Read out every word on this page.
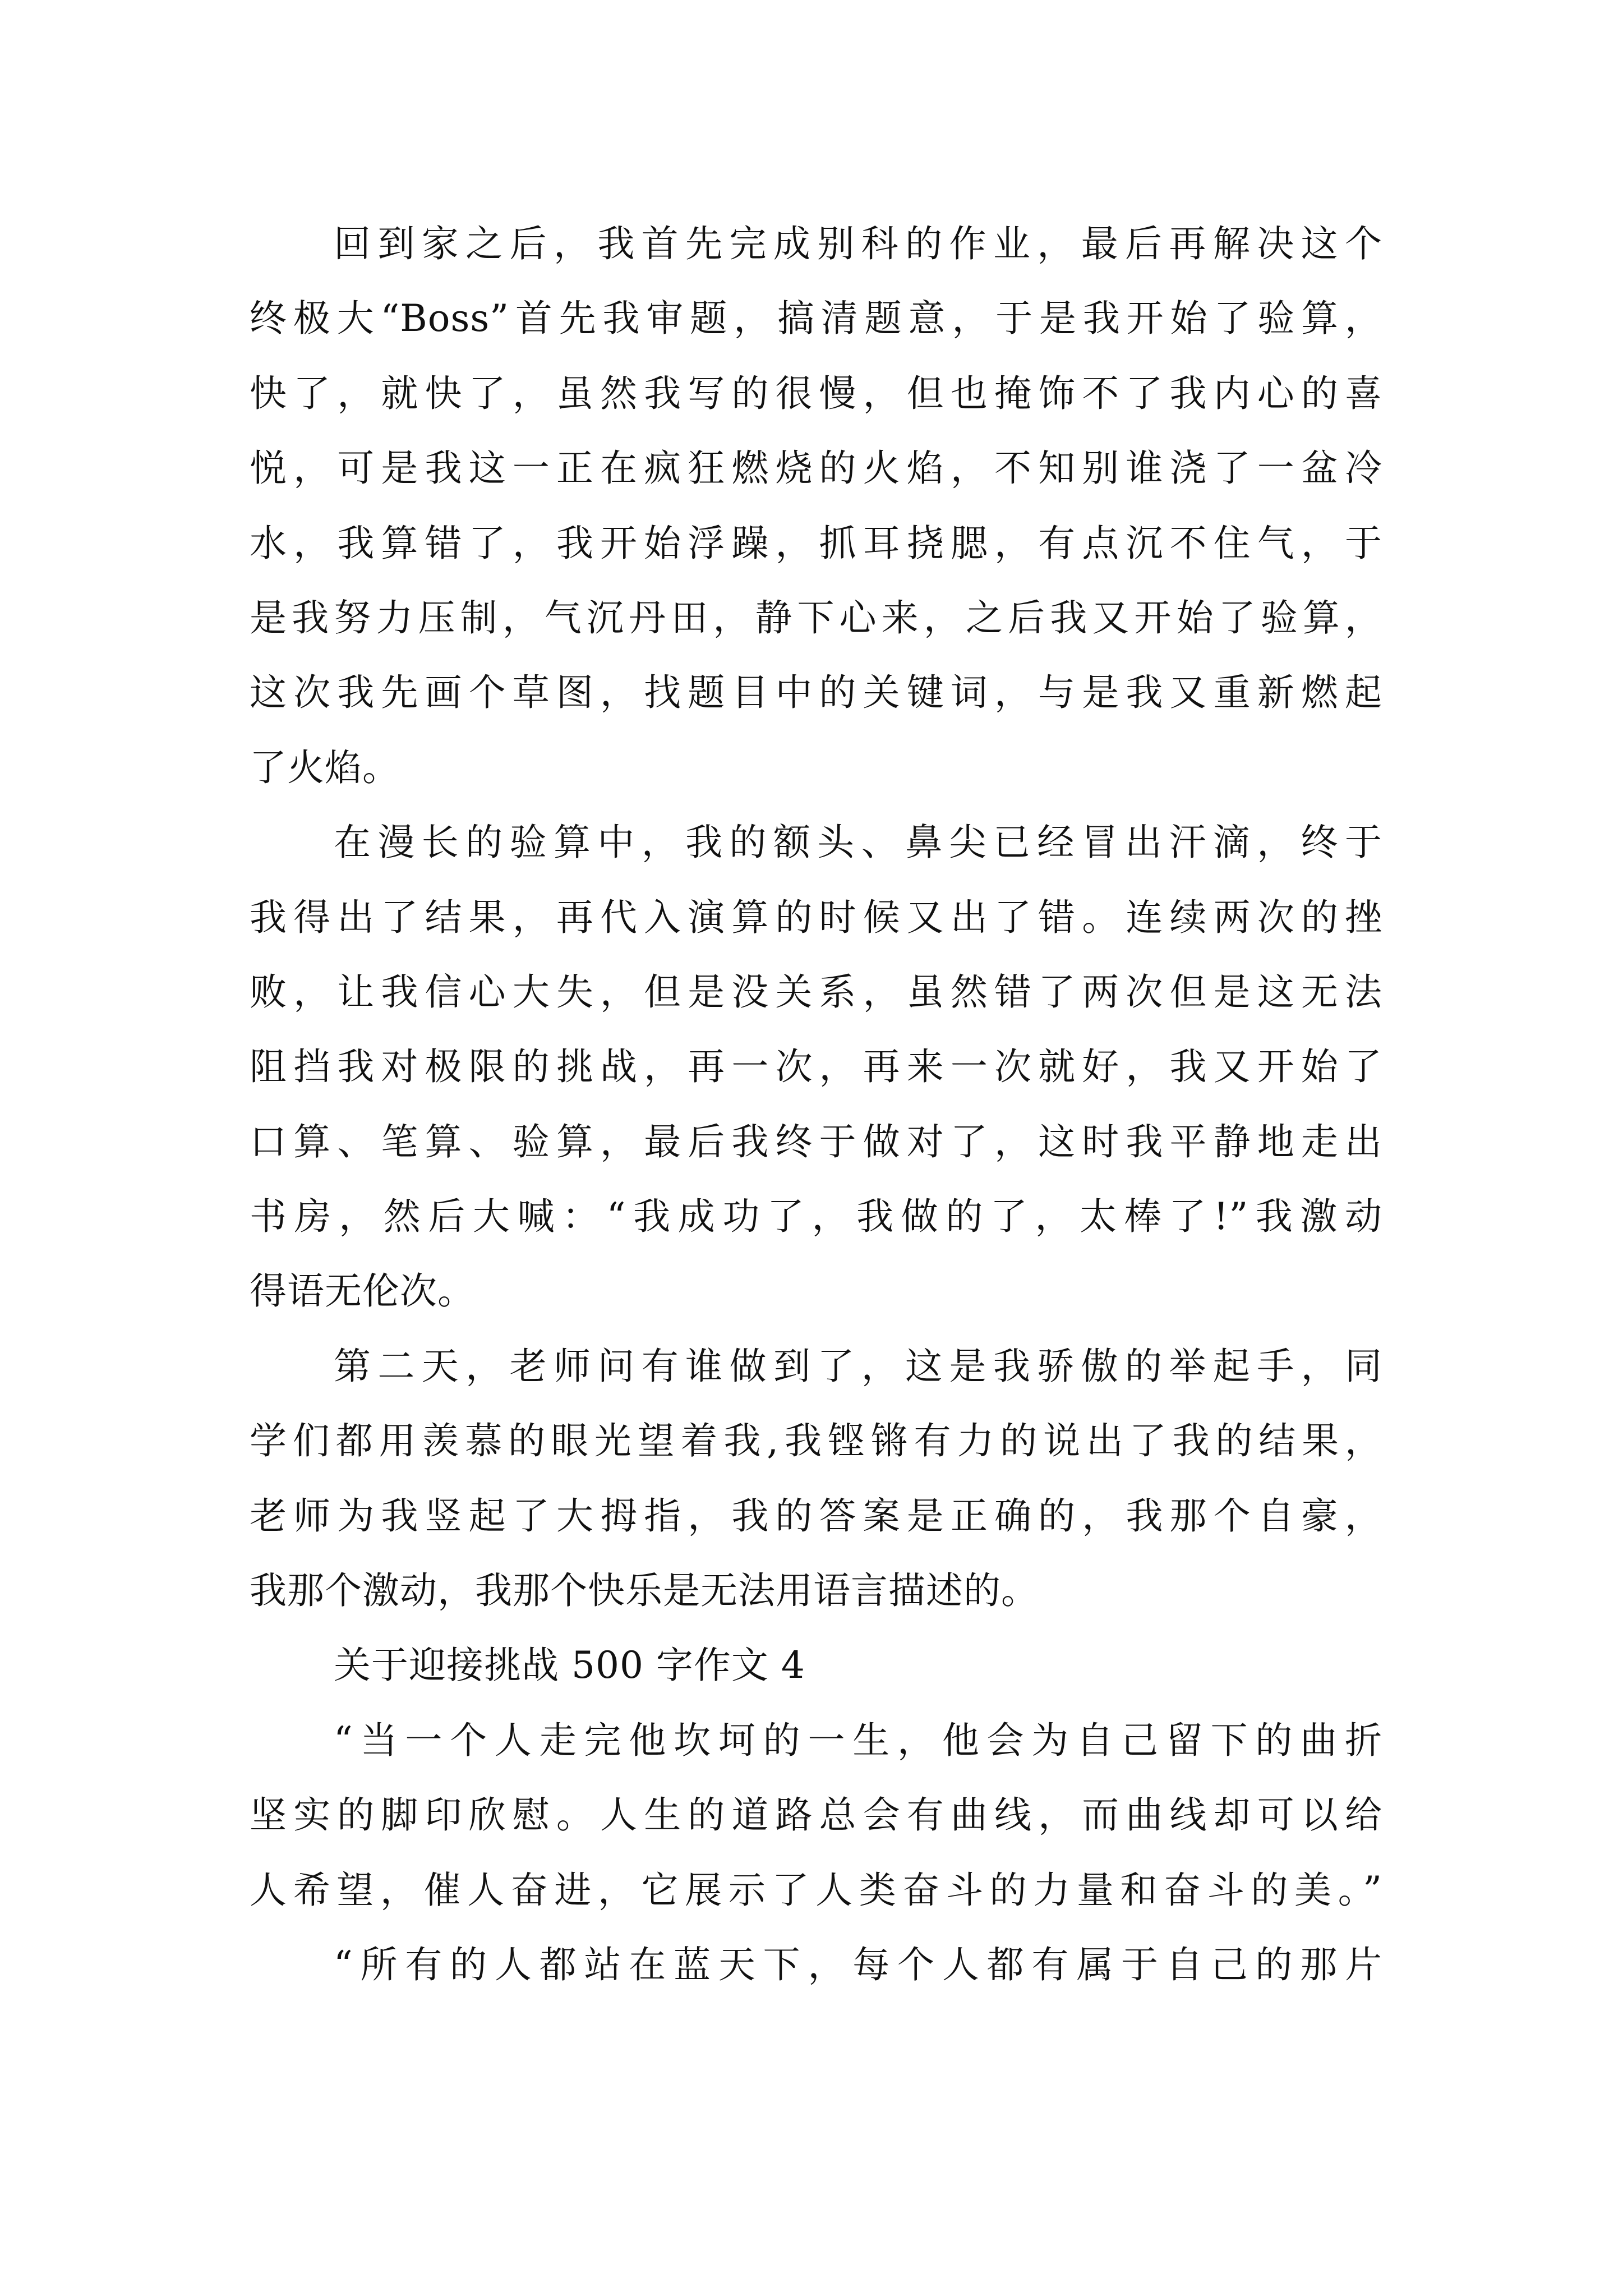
回到家之后，我首先完成别科的作业，最后再解决这个
终极大“Boss”首先我审题，搞清题意，于是我开始了验算，
快了，就快了，虽然我写的很慢，但也掩饰不了我内心的喜
悦，可是我这一正在疯狂燃烧的火焰，不知别谁浇了一盆冷
水，我算错了，我开始浮躁，抓耳挠腮，有点沉不住气，于
是我努力压制，气沉丹田，静下心来，之后我又开始了验算，
这次我先画个草图，找题目中的关键词，与是我又重新燃起
了火焰。
在漫长的验算中，我的额头、鼻尖已经冒出汗滴，终于
我得出了结果，再代入演算的时候又出了错。连续两次的挫
败，让我信心大失，但是没关系，虽然错了两次但是这无法
阻挡我对极限的挑战，再一次，再来一次就好，我又开始了
口算、笔算、验算，最后我终于做对了，这时我平静地走出
书房，然后大喊：“我成功了，我做的了，太棒了!”我激动
得语无伦次。
第二天，老师问有谁做到了，这是我骄傲的举起手，同
学们都用羡慕的眼光望着我,我铿锵有力的说出了我的结果，
老师为我竖起了大拇指，我的答案是正确的，我那个自豪，
我那个激动，我那个快乐是无法用语言描述的。
关于迎接挑战 500 字作文 4
“当一个人走完他坎坷的一生，他会为自己留下的曲折
坚实的脚印欣慰。人生的道路总会有曲线，而曲线却可以给
人希望，催人奋进，它展示了人类奋斗的力量和奋斗的美。”
“所有的人都站在蓝天下，每个人都有属于自己的那片
